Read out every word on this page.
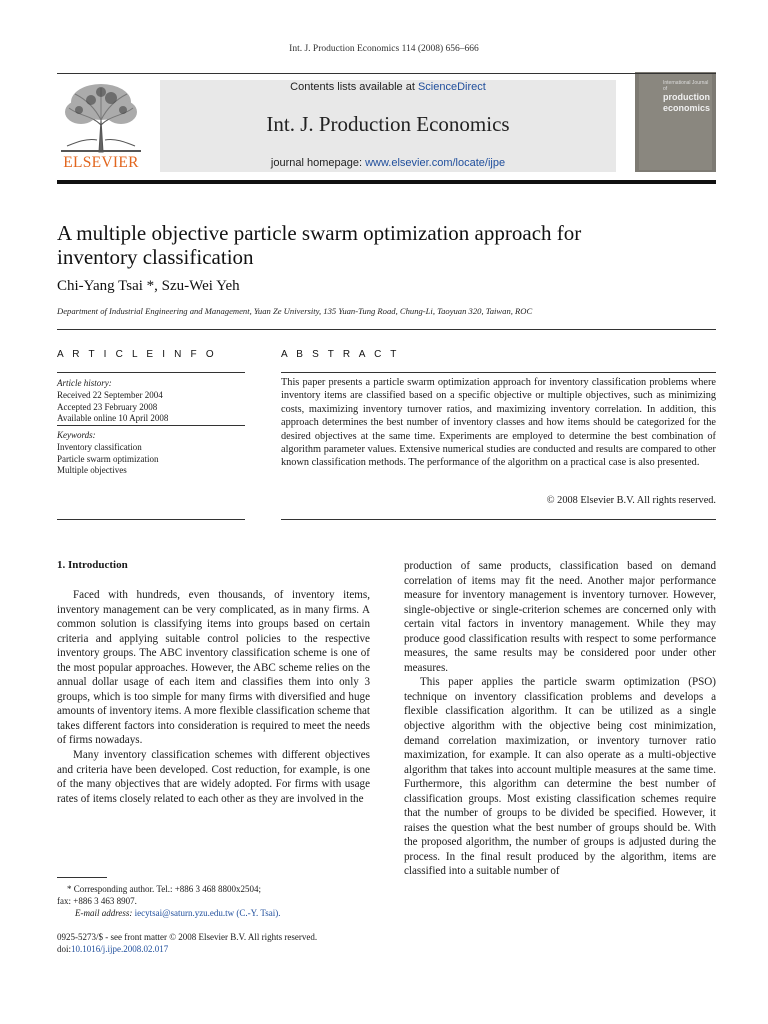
Int. J. Production Economics 114 (2008) 656–666
ELSEVIER
Contents lists available at ScienceDirect
Int. J. Production Economics
journal homepage: www.elsevier.com/locate/ijpe
International Journal of
production economics
A multiple objective particle swarm optimization approach for inventory classification
Chi-Yang Tsai *, Szu-Wei Yeh
Department of Industrial Engineering and Management, Yuan Ze University, 135 Yuan-Tung Road, Chung-Li, Taoyuan 320, Taiwan, ROC
A R T I C L E I N F O
Article history:
Received 22 September 2004
Accepted 23 February 2008
Available online 10 April 2008
Keywords:
Inventory classification
Particle swarm optimization
Multiple objectives
A B S T R A C T
This paper presents a particle swarm optimization approach for inventory classification problems where inventory items are classified based on a specific objective or multiple objectives, such as minimizing costs, maximizing inventory turnover ratios, and maximizing inventory correlation. In addition, this approach determines the best number of inventory classes and how items should be categorized for the desired objectives at the same time. Experiments are employed to determine the best combination of algorithm parameter values. Extensive numerical studies are conducted and results are compared to other known classification methods. The performance of the algorithm on a practical case is also presented.
© 2008 Elsevier B.V. All rights reserved.
1. Introduction

Faced with hundreds, even thousands, of inventory items, inventory management can be very complicated, as in many firms. A common solution is classifying items into groups based on certain criteria and applying suitable control policies to the respective inventory groups. The ABC inventory classification scheme is one of the most popular approaches. However, the ABC scheme relies on the annual dollar usage of each item and classifies them into only 3 groups, which is too simple for many firms with diversified and huge amounts of inventory items. A more flexible classification scheme that takes different factors into consideration is required to meet the needs of firms nowadays.

Many inventory classification schemes with different objectives and criteria have been developed. Cost reduction, for example, is one of the many objectives that are widely adopted. For firms with usage rates of items closely related to each other as they are involved in the

production of same products, classification based on demand correlation of items may fit the need. Another major performance measure for inventory management is inventory turnover. However, single-objective or single-criterion schemes are concerned only with certain vital factors in inventory management. While they may produce good classification results with respect to some performance measures, the same results may be considered poor under other measures.

This paper applies the particle swarm optimization (PSO) technique on inventory classification problems and develops a flexible classification algorithm. It can be utilized as a single objective algorithm with the objective being cost minimization, demand correlation maximization, or inventory turnover ratio maximization, for example. It can also operate as a multi-objective algorithm that takes into account multiple measures at the same time. Furthermore, this algorithm can determine the best number of classification groups. Most existing classification schemes require that the number of groups to be divided be specified. However, it raises the question what the best number of groups should be. With the proposed algorithm, the number of groups is adjusted during the process. In the final result produced by the algorithm, items are classified into a suitable number of

* Corresponding author. Tel.: +886 3 468 8800x2504;
fax: +886 3 463 8907.
E-mail address: iecytsai@saturn.yzu.edu.tw (C.-Y. Tsai).
0925-5273/$ - see front matter © 2008 Elsevier B.V. All rights reserved.
doi:10.1016/j.ijpe.2008.02.017
